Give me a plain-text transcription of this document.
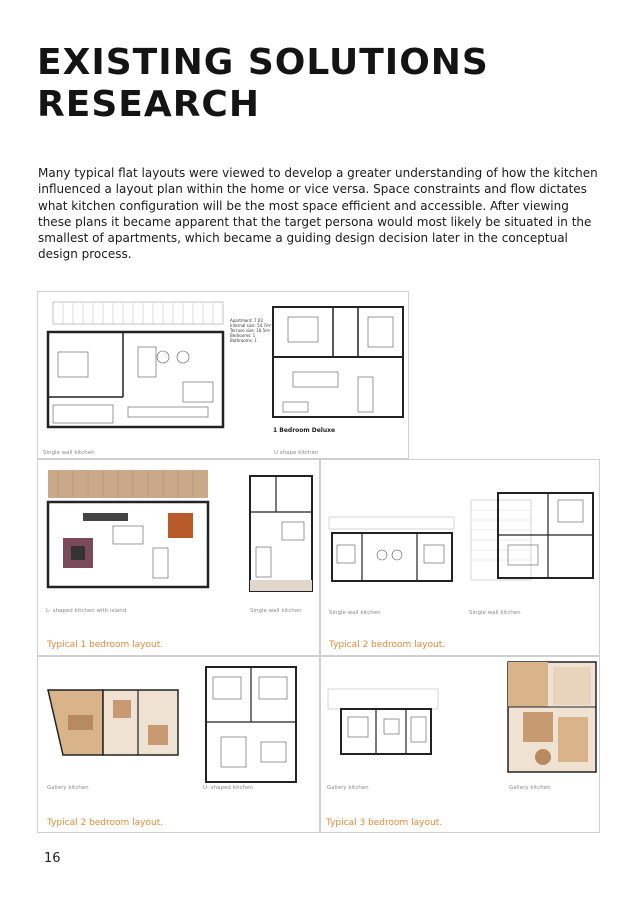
EXISTING SOLUTIONS
RESEARCH

Many typical flat layouts were viewed to develop a greater understanding of how the kitchen influenced a layout plan within the home or vice versa. Space constraints and flow dictates what kitchen configuration will be the most space efficient and accessible. After viewing these plans it became apparent that the target persona would most likely be situated in the smallest of apartments, which became a guiding design decision later in the conceptual design process.

Apartment: 7.02
Internal size: 54.7m²
Terrace size: 16.5m²
Bedrooms: 1
Bathrooms: 1
1 Bedroom Deluxe
Single wall kitchen	U shape kitchen
L- shaped kitchen with island	Single wall kitchen
Typical 1 bedroom layout.
Single wall kitchen	Single wall kitchen
Typical 2 bedroom layout.
Gallery kitchen	U- shaped kitchen
Typical 2 bedroom layout.
Gallery kitchen	Gallery kitchen
Typical 3 bedroom layout.
16
